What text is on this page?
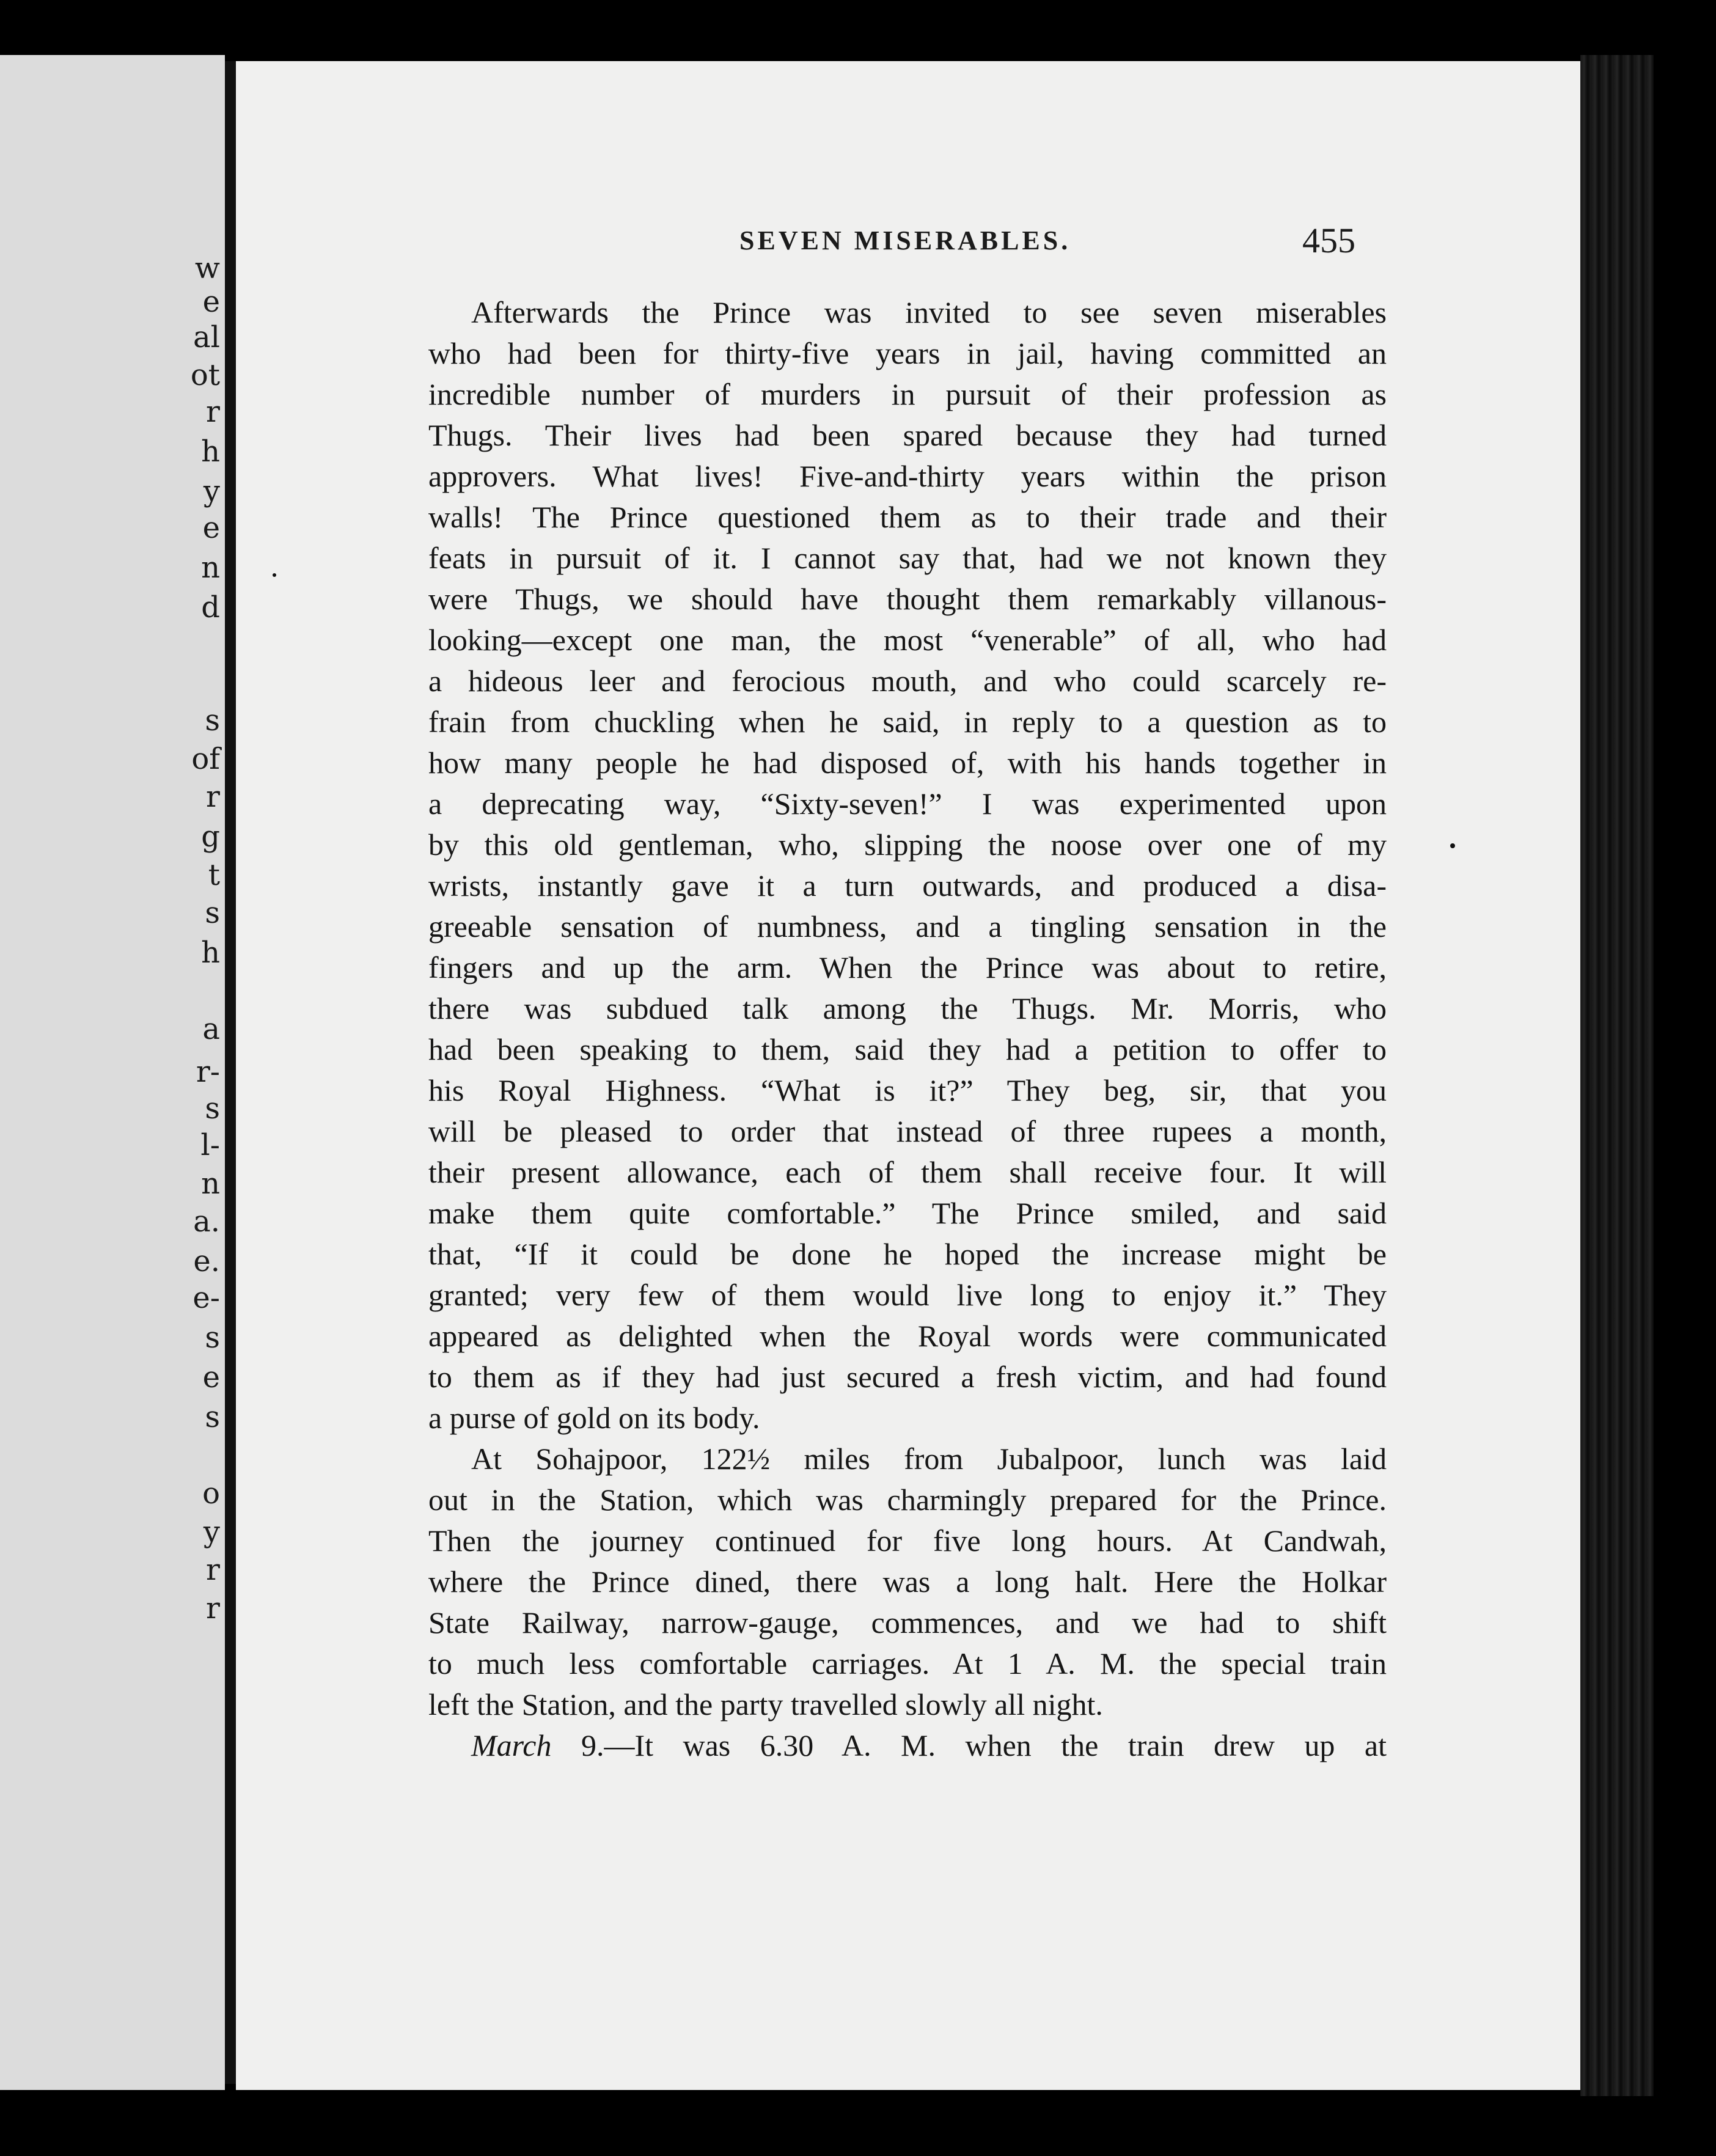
w
e
al
ot
r
h
y
e
n
d
s
of
r
g
t
s
h
a
r-
s
l-
n
a.
e.
e-
s
e
s
o
y
r
r
SEVEN MISERABLES.	455
Afterwards the Prince was invited to see seven miserables
who had been for thirty-five years in jail, having committed an
incredible number of murders in pursuit of their profession as
Thugs. Their lives had been spared because they had turned
approvers. What lives! Five-and-thirty years within the prison
walls! The Prince questioned them as to their trade and their
feats in pursuit of it. I cannot say that, had we not known they
were Thugs, we should have thought them remarkably villanous-
looking—except one man, the most “venerable” of all, who had
a hideous leer and ferocious mouth, and who could scarcely re-
frain from chuckling when he said, in reply to a question as to
how many people he had disposed of, with his hands together in
a deprecating way, “Sixty-seven!” I was experimented upon
by this old gentleman, who, slipping the noose over one of my
wrists, instantly gave it a turn outwards, and produced a disa-
greeable sensation of numbness, and a tingling sensation in the
fingers and up the arm. When the Prince was about to retire,
there was subdued talk among the Thugs. Mr. Morris, who
had been speaking to them, said they had a petition to offer to
his Royal Highness. “What is it?” They beg, sir, that you
will be pleased to order that instead of three rupees a month,
their present allowance, each of them shall receive four. It will
make them quite comfortable.” The Prince smiled, and said
that, “If it could be done he hoped the increase might be
granted; very few of them would live long to enjoy it.” They
appeared as delighted when the Royal words were communicated
to them as if they had just secured a fresh victim, and had found
a purse of gold on its body.
At Sohajpoor, 122½ miles from Jubalpoor, lunch was laid
out in the Station, which was charmingly prepared for the Prince.
Then the journey continued for five long hours. At Candwah,
where the Prince dined, there was a long halt. Here the Holkar
State Railway, narrow-gauge, commences, and we had to shift
to much less comfortable carriages. At 1 A. M. the special train
left the Station, and the party travelled slowly all night.
March 9.—It was 6.30 A. M. when the train drew up at
